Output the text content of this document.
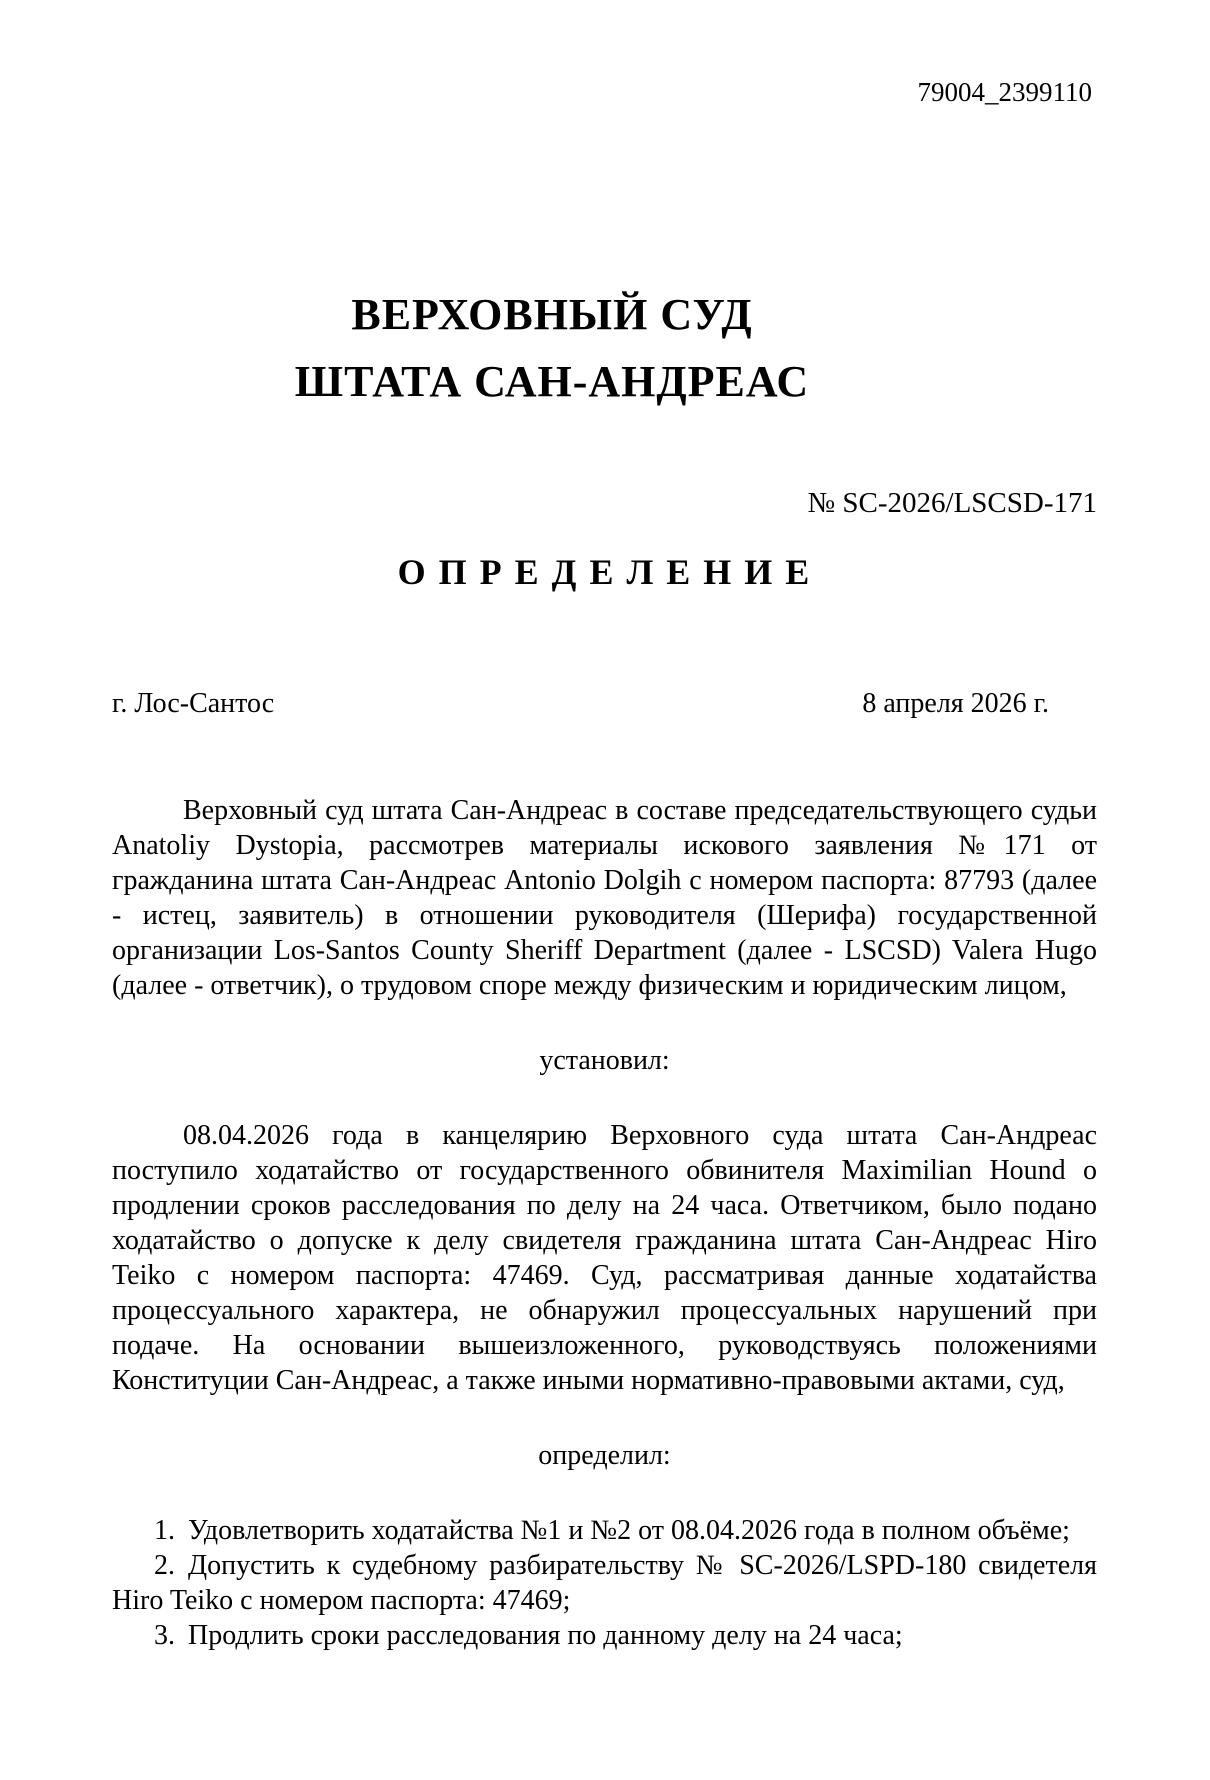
79004_2399110

ВЕРХОВНЫЙ СУД
ШТАТА САН-АНДРЕАС

№ SC-2026/LSCSD-171

О П Р Е Д Е Л Е Н И Е

г. Лос-Сантос	8 апреля 2026 г.

Верховный суд штата Сан-Андреас в составе председательствующего судьи Anatoliy Dystopia, рассмотрев материалы искового заявления №171 от гражданина штата Сан-Андреас Antonio Dolgih с номером паспорта: 87793 (далее - истец, заявитель) в отношении руководителя (Шерифа) государственной организации Los-Santos County Sheriff Department (далее - LSCSD) Valera Hugo (далее - ответчик), о трудовом споре между физическим и юридическим лицом,

установил:

08.04.2026 года в канцелярию Верховного суда штата Сан-Андреас поступило ходатайство от государственного обвинителя Maximilian Hound о продлении сроков расследования по делу на 24 часа. Ответчиком, было подано ходатайство о допуске к делу свидетеля гражданина штата Сан-Андреас Hiro Teiko с номером паспорта: 47469. Суд, рассматривая данные ходатайства процессуального характера, не обнаружил процессуальных нарушений при подаче. На основании вышеизложенного, руководствуясь положениями Конституции Сан-Андреас, а также иными нормативно-правовыми актами, суд,

определил:

1. Удовлетворить ходатайства №1 и №2 от 08.04.2026 года в полном объёме;

2. Допустить к судебному разбирательству № SC-2026/LSPD-180 свидетеля Hiro Teiko с номером паспорта: 47469;

3. Продлить сроки расследования по данному делу на 24 часа;
